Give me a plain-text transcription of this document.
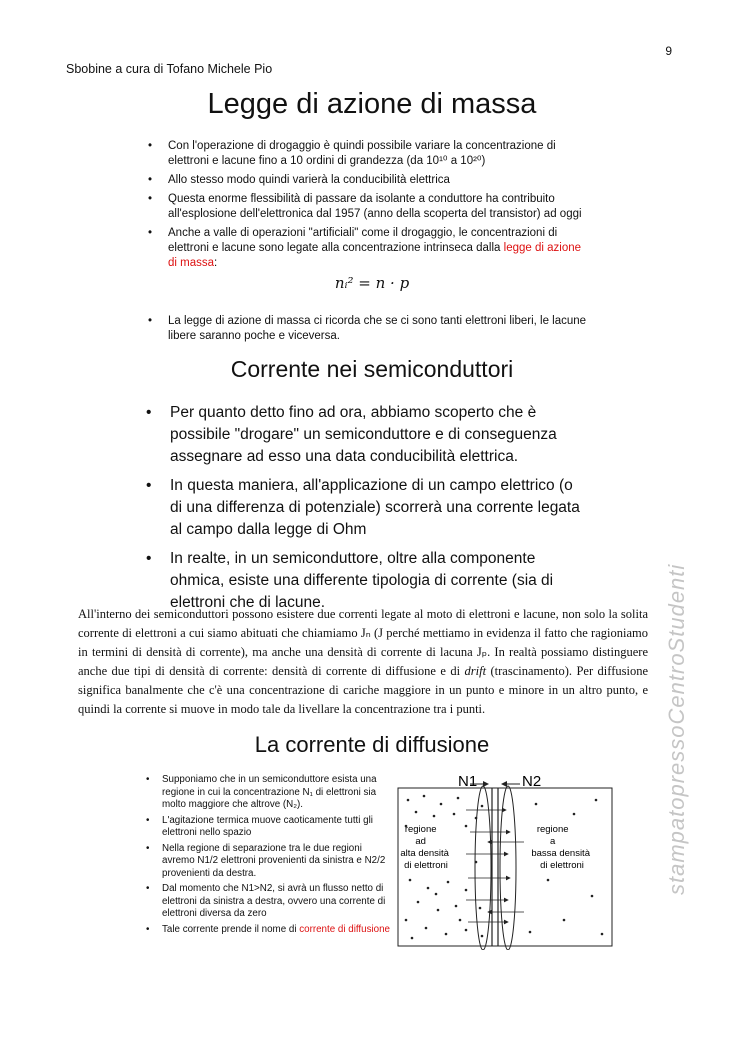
9
Sbobine a cura di Tofano Michele Pio
Legge di azione di massa
• Con l'operazione di drogaggio è quindi possibile variare la concentrazione di elettroni e lacune fino a 10 ordini di grandezza (da 10¹⁰ a 10²⁰)
• Allo stesso modo quindi varierà la conducibilità elettrica
• Questa enorme flessibilità di passare da isolante a conduttore ha contribuito all'esplosione dell'elettronica dal 1957 (anno della scoperta del transistor) ad oggi
• Anche a valle di operazioni "artificiali" come il drogaggio, le concentrazioni di elettroni e lacune sono legate alla concentrazione intrinseca dalla legge di azione di massa:
nᵢ² = n · p
• La legge di azione di massa ci ricorda che se ci sono tanti elettroni liberi, le lacune libere saranno poche e viceversa.
Corrente nei semiconduttori
• Per quanto detto fino ad ora, abbiamo scoperto che è possibile "drogare" un semiconduttore e di conseguenza assegnare ad esso una data conducibilità elettrica.
• In questa maniera, all'applicazione di un campo elettrico (o di una differenza di potenziale) scorrerà una corrente legata al campo dalla legge di Ohm
• In realte, in un semiconduttore, oltre alla componente ohmica, esiste una differente tipologia di corrente (sia di elettroni che di lacune.
All'interno dei semiconduttori possono esistere due correnti legate al moto di elettroni e lacune, non solo la solita corrente di elettroni a cui siamo abituati che chiamiamo Jₙ (J perché mettiamo in evidenza il fatto che ragioniamo in termini di densità di corrente), ma anche una densità di corrente di lacuna Jₚ. In realtà possiamo distinguere anche due tipi di densità di corrente: densità di corrente di diffusione e di drift (trascinamento). Per diffusione significa banalmente che c'è una concentrazione di cariche maggiore in un punto e minore in un altro punto, e quindi la corrente si muove in modo tale da livellare la concentrazione tra i punti.
La corrente di diffusione
• Supponiamo che in un semiconduttore esista una regione in cui la concentrazione N₁ di elettroni sia molto maggiore che altrove (N₂).
• L'agitazione termica muove caoticamente tutti gli elettroni nello spazio
• Nella regione di separazione tra le due regioni avremo N1/2 elettroni provenienti da sinistra e N2/2 provenienti da destra.
• Dal momento che N1>N2, si avrà un flusso netto di elettroni da sinistra a destra, ovvero una corrente di elettroni diversa da zero
• Tale corrente prende il nome di corrente di diffusione
N1	N2
regione ad alta densità di elettroni
regione a bassa densità di elettroni	stampatopressoCentroStudenti
